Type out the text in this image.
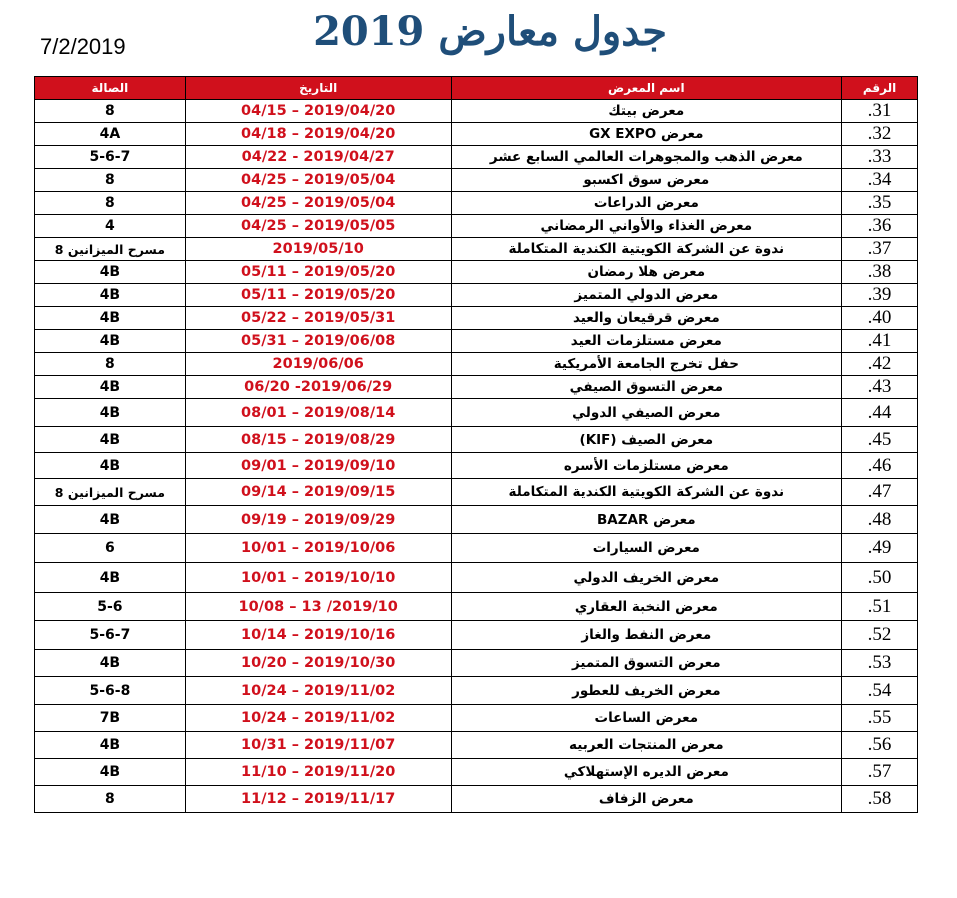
7/2/2019	جدول معارض 2019
الرقم	اسم المعرض	التاريخ	الصالة
.31	معرض بيتك	04/15 – 2019/04/20	8
.32	معرض GX EXPO	04/18 – 2019/04/20	4A
.33	معرض الذهب والمجوهرات العالمي السابع عشر	04/22 - 2019/04/27	5-6-7
.34	معرض سوق اكسبو	04/25 – 2019/05/04	8
.35	معرض الدراعات	04/25 – 2019/05/04	8
.36	معرض الغذاء والأواني الرمضاني	04/25 – 2019/05/05	4
.37	ندوة عن الشركة الكويتية الكندية المتكاملة	2019/05/10	مسرح الميزانين 8
.38	معرض هلا رمضان	05/11 – 2019/05/20	4B
.39	معرض الدولي المتميز	05/11 – 2019/05/20	4B
.40	معرض قرقيعان والعيد	05/22 – 2019/05/31	4B
.41	معرض مستلزمات العيد	05/31 – 2019/06/08	4B
.42	حفل تخرج الجامعة الأمريكية	2019/06/06	8
.43	معرض التسوق الصيفي	06/20 -2019/06/29	4B
.44	معرض الصيفي الدولي	08/01 – 2019/08/14	4B
.45	معرض الصيف (KIF)	08/15 – 2019/08/29	4B
.46	معرض مستلزمات الأسره	09/01 – 2019/09/10	4B
.47	ندوة عن الشركة الكويتية الكندية المتكاملة	09/14 – 2019/09/15	مسرح الميزانين 8
.48	معرض BAZAR	09/19 – 2019/09/29	4B
.49	معرض السيارات	10/01 – 2019/10/06	6
.50	معرض الخريف الدولي	10/01 – 2019/10/10	4B
.51	معرض النخبة العقاري	10/08 – 13 /2019/10	5-6
.52	معرض النفط والغاز	10/14 – 2019/10/16	5-6-7
.53	معرض التسوق المتميز	10/20 – 2019/10/30	4B
.54	معرض الخريف للعطور	10/24 – 2019/11/02	5-6-8
.55	معرض الساعات	10/24 – 2019/11/02	7B
.56	معرض المنتجات العربيه	10/31 – 2019/11/07	4B
.57	معرض الديره الإستهلاكي	11/10 – 2019/11/20	4B
.58	معرض الزفاف	11/12 – 2019/11/17	8
